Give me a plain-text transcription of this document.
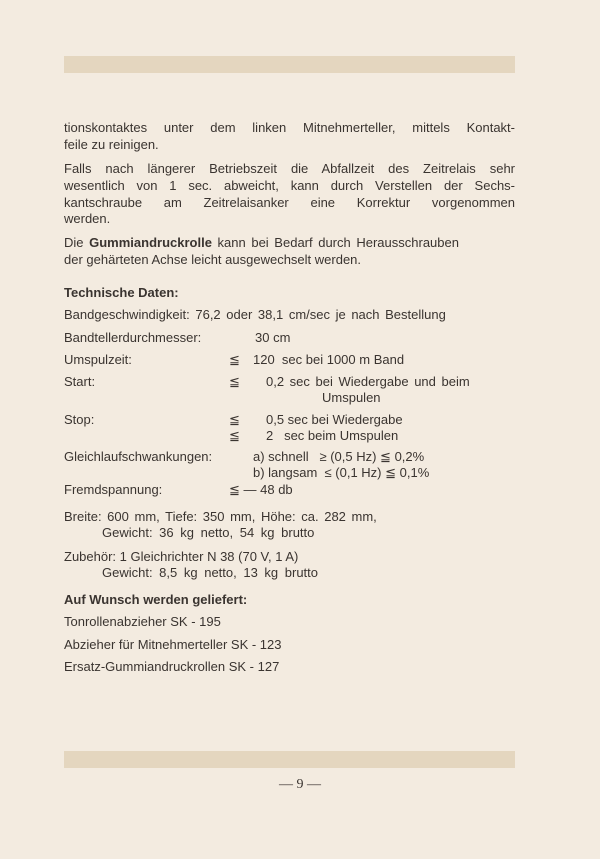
tionskontaktes unter dem linken Mitnehmerteller, mittels Kontakt-
feile zu reinigen.
Falls nach längerer Betriebszeit die Abfallzeit des Zeitrelais sehr
wesentlich von 1 sec. abweicht, kann durch Verstellen der Sechs-
kantschraube am Zeitrelaisanker eine Korrektur vorgenommen
werden.
Die Gummiandruckrolle kann bei Bedarf durch Herausschrauben
der gehärteten Achse leicht ausgewechselt werden.
Technische Daten:
Bandgeschwindigkeit: 76,2 oder 38,1 cm/sec je nach Bestellung
Bandtellerdurchmesser:	30 cm
Umspulzeit:	≦ 120  sec bei 1000 m Band
Start:	≦ 0,2 sec bei Wiedergabe und beim
Umspulen
Stop:	≦ 0,5 sec bei Wiedergabe
≦ 2   sec beim Umspulen
Gleichlaufschwankungen:	a) schnell   ≥ (0,5 Hz) ≦ 0,2%
b) langsam  ≤ (0,1 Hz) ≦ 0,1%
Fremdspannung:	≦ — 48 db
Breite: 600 mm, Tiefe: 350 mm, Höhe: ca. 282 mm,
Gewicht: 36 kg netto, 54 kg brutto
Zubehör: 1 Gleichrichter N 38 (70 V, 1 A)
Gewicht: 8,5 kg netto, 13 kg brutto
Auf Wunsch werden geliefert:
Tonrollenabzieher SK - 195
Abzieher für Mitnehmerteller SK - 123
Ersatz-Gummiandruckrollen SK - 127
— 9 —
